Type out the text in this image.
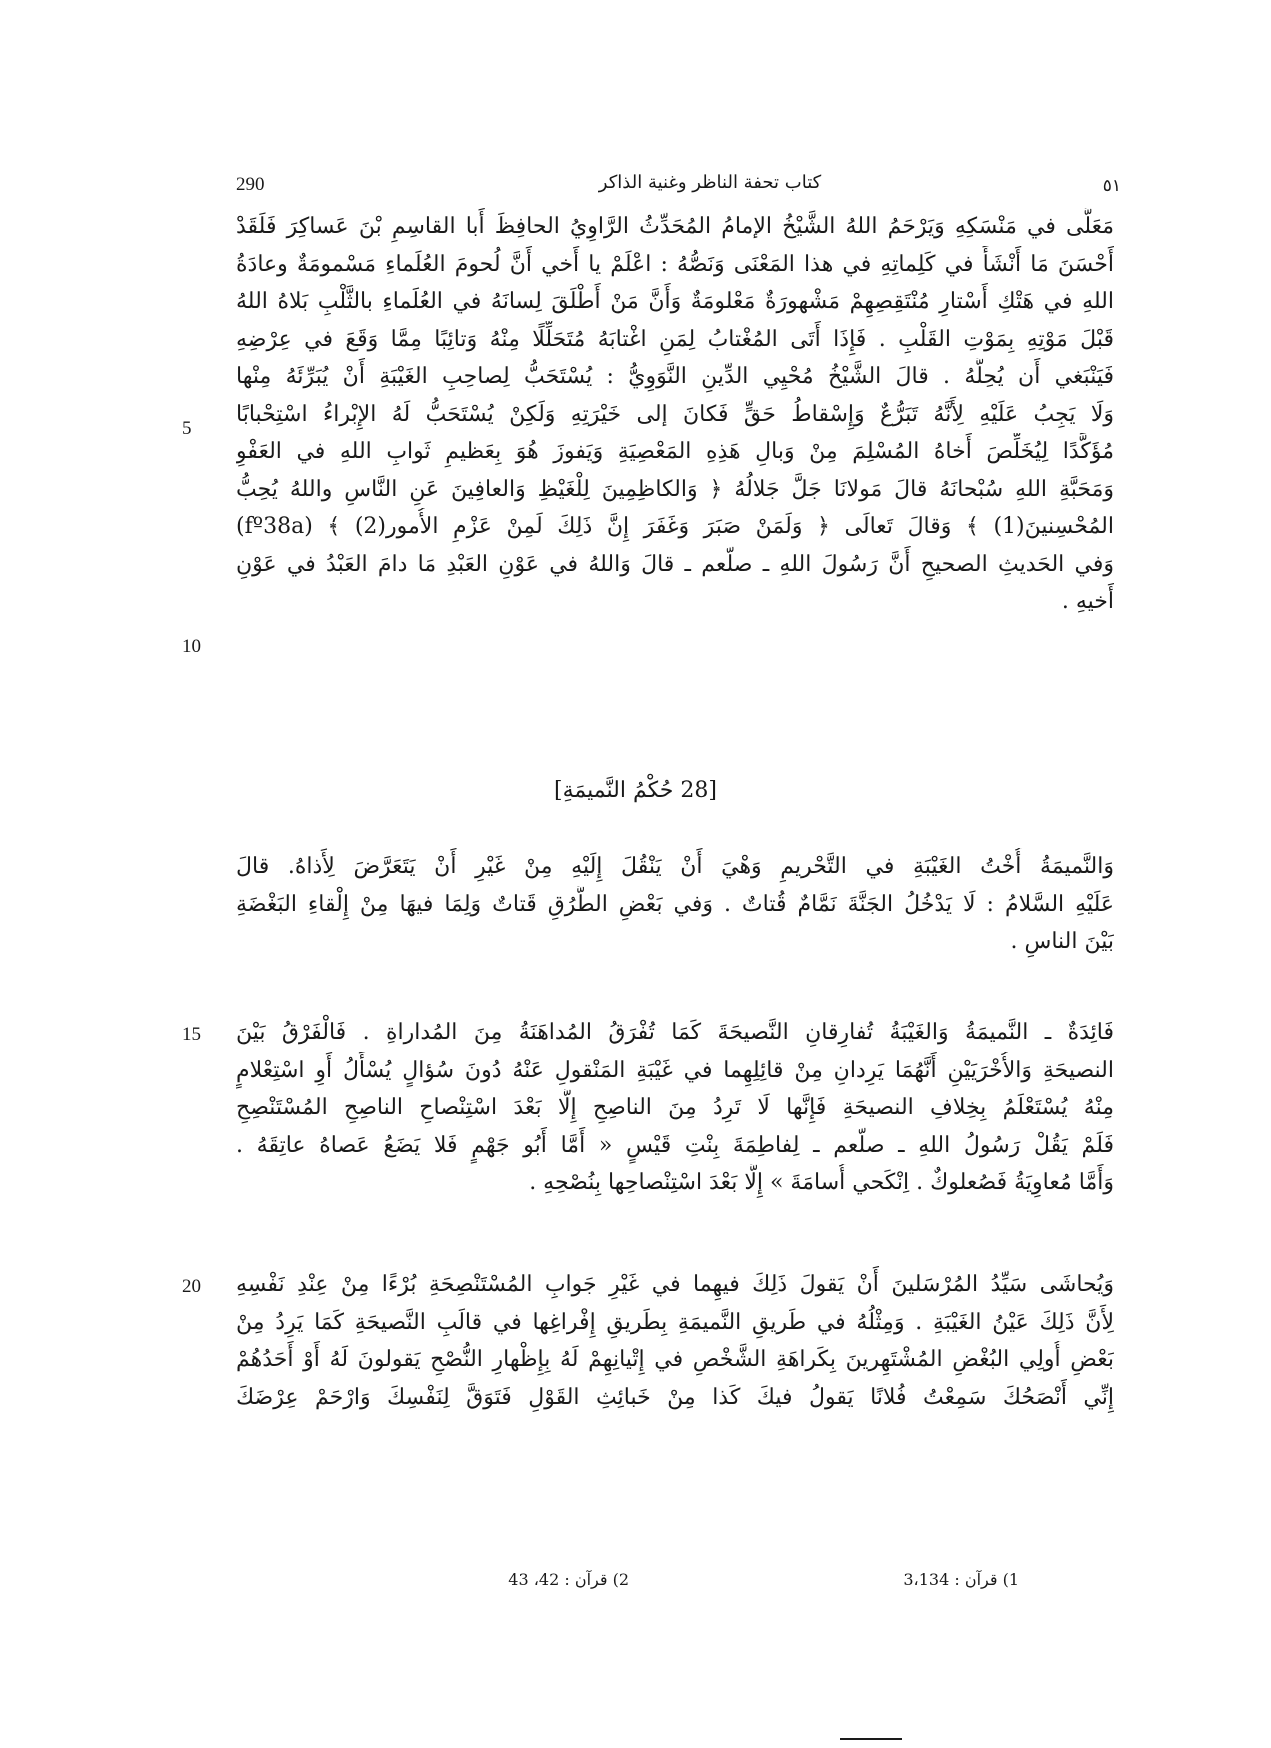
290	كتاب تحفة الناظر وغنية الذاكر	٥١
مَعَلَّى في مَنْسَكِهِ وَيَرْحَمُ اللهُ الشَّيْخُ الإمامُ المُحَدِّثُ الرَّاوِيُ الحافِظَ أَبا القاسِمِ بْنَ عَساكِرَ فَلَقَدْ
أَحْسَنَ مَا أَنْشَأَ في كَلِماتِهِ في هذا المَعْنَى وَنَصُّهُ : اعْلَمْ يا أَخي أَنَّ لُحومَ العُلَماءِ مَسْمومَةٌ وعادَةُ
اللهِ في هَتْكِ أَسْتارِ مُنْتَقِصِهِمْ مَشْهورَةٌ مَعْلومَةٌ وَأَنَّ مَنْ أَطْلَقَ لِسانَهُ في العُلَماءِ بالثَّلْبِ بَلاهُ اللهُ
قَبْلَ مَوْتِهِ بِمَوْتِ القَلْبِ . فَإِذَا أَتَى المُغْتابُ لِمَنِ اغْتابَهُ مُتَحَلِّلًا مِنْهُ وَتائِبًا مِمَّا وَقَعَ في عِرْضِهِ
فَيَنْبَغي أَن يُحِلَّهُ . قالَ الشَّيْخُ مُحْيِي الدِّينِ النَّوَوِيُّ : يُسْتَحَبُّ لِصاحِبِ الغَيْبَةِ أَنْ يُبَرِّئَهُ مِنْها
وَلَا يَجِبُ عَلَيْهِ لِأَنَّهُ تَبَرُّعٌ وَإِسْقاطُ حَقٍّ فَكانَ إلى خَيْرَتِهِ وَلَكِنْ يُسْتَحَبُّ لَهُ الإِبْراءُ اسْتِحْبابًا
مُؤَكَّدًا لِيُخَلِّصَ أَخاهُ المُسْلِمَ مِنْ وَبالِ هَذِهِ المَعْصِيَةِ وَيَفوزَ هُوَ بِعَظيمِ ثَوابِ اللهِ في العَفْوِ
وَمَحَبَّةِ اللهِ سُبْحانَهُ قالَ مَولانَا جَلَّ جَلالُهُ ﴿ وَالكاظِمِينَ لِلْغَيْظِ وَالعافِينَ عَنِ النَّاسِ واللهُ يُحِبُّ
المُحْسِنينَ(1) ﴾ وَقالَ تَعالَى ﴿ وَلَمَنْ صَبَرَ وَغَفَرَ إِنَّ ذَلِكَ لَمِنْ عَزْمِ الأُمور(2) ﴾ (fº38a)
وَفي الحَديثِ الصحيحِ أَنَّ رَسُولَ اللهِ ـ صلّعم ـ قالَ وَاللهُ في عَوْنِ العَبْدِ مَا دامَ العَبْدُ في عَوْنِ
أَخيهِ .
[28 حُكْمُ النَّميمَةِ]
وَالنَّميمَةُ أُخْتُ الغَيْبَةِ في التَّحْريمِ وَهْيَ أَنْ يَنْقُلَ إِلَيْهِ مِنْ غَيْرِ أَنْ يَتَعَرَّضَ لِأَذاهُ. قالَ
عَلَيْهِ السَّلامُ : لَا يَدْخُلُ الجَنَّةَ نَمَّامٌ قُتاتٌ . وَفي بَعْضِ الطُّرُقِ قَتاتٌ وَلِمَا فيهَا مِنْ إِلْقاءِ البَغْضَةِ
بَيْنَ الناسِ .
فَائِدَةٌ ـ النَّميمَةُ وَالغَيْبَةُ تُفارِقانِ النَّصيحَةَ كَمَا تُفْرَقُ المُداهَنَةُ مِنَ المُداراةِ . فَالْفَرْقُ بَيْنَ
النصيحَةِ وَالأُخْرَيَيْنِ أَنَّهُمَا يَرِدانِ مِنْ قائِلِهِما في غَيْبَةِ المَنْقولِ عَنْهُ دُونَ سُؤالٍ يُسْأَلُ أَوِ اسْتِعْلامٍ
مِنْهُ يُسْتَعْلَمُ بِخِلافِ النصيحَةِ فَإِنَّها لَا تَرِدُ مِنَ الناصِحِ إِلَّا بَعْدَ اسْتِنْصاحِ الناصِحِ المُسْتَنْصِحِ
فَلَمْ يَقُلْ رَسُولُ اللهِ ـ صلّعم ـ لِفاطِمَةَ بِنْتِ قَيْسٍ « أَمَّا أَبُو جَهْمٍ فَلا يَضَعُ عَصاهُ عاتِقَهُ .
وَأَمَّا مُعاوِيَةُ فَصُعلوكٌ . اِنْكَحي أُسامَةَ » إِلَّا بَعْدَ اسْتِنْصاحِها بِنُصْحِهِ .
وَيُحاشَى سَيِّدُ المُرْسَلينَ أَنْ يَقولَ ذَلِكَ فيهِما في غَيْرِ جَوابِ المُسْتَنْصِحَةِ بُرْءًا مِنْ عِنْدِ نَفْسِهِ
لِأَنَّ ذَلِكَ عَيْنُ الغَيْبَةِ . وَمِثْلُهُ في طَريقِ النَّميمَةِ بِطَريقِ إِفْراغِها في قالَبِ النَّصيحَةِ كَمَا يَرِدُ مِنْ
بَعْضِ أُولِي البُغْضِ المُشْتَهِرينَ بِكَراهَةِ الشَّخْصِ في إِتْيانِهِمْ لَهُ بِإِظْهارِ النُّصْحِ يَقولونَ لَهُ أَوْ أَحَدُهُمْ
إِنِّي أَنْصَحُكَ سَمِعْتُ فُلانًا يَقولُ فيكَ كَذا مِنْ خَبائِثِ القَوْلِ فَتَوَقَّ لِنَفْسِكَ وَارْحَمْ عِرْضَكَ
5
10
15
20
1) قرآن : 3،134
2) قرآن : 42، 43
